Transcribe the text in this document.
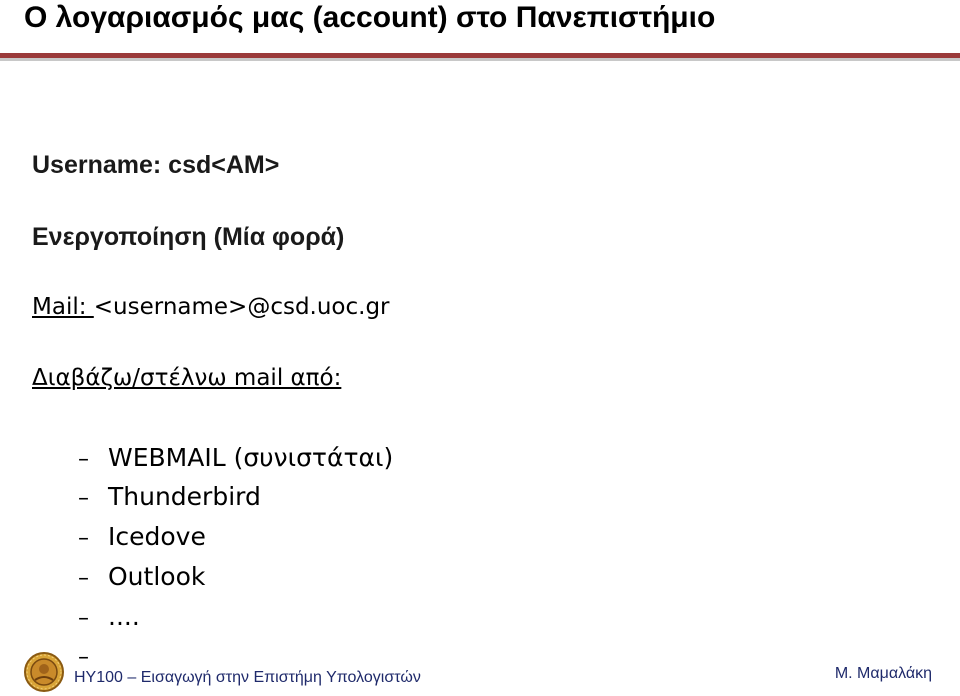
Ο λογαριασμός μας (account) στο Πανεπιστήμιο
Username: csd<AM>
Ενεργοποίηση (Μία φορά)
Mail: <username>@csd.uoc.gr
Διαβάζω/στέλνω mail από:
– WEBMAIL (συνιστάται)
– Thunderbird
– Icedove
– Outlook
– ....
–
ΗΥ100 – Εισαγωγή στην Επιστήμη Υπολογιστών	Μ. Μαμαλάκη
